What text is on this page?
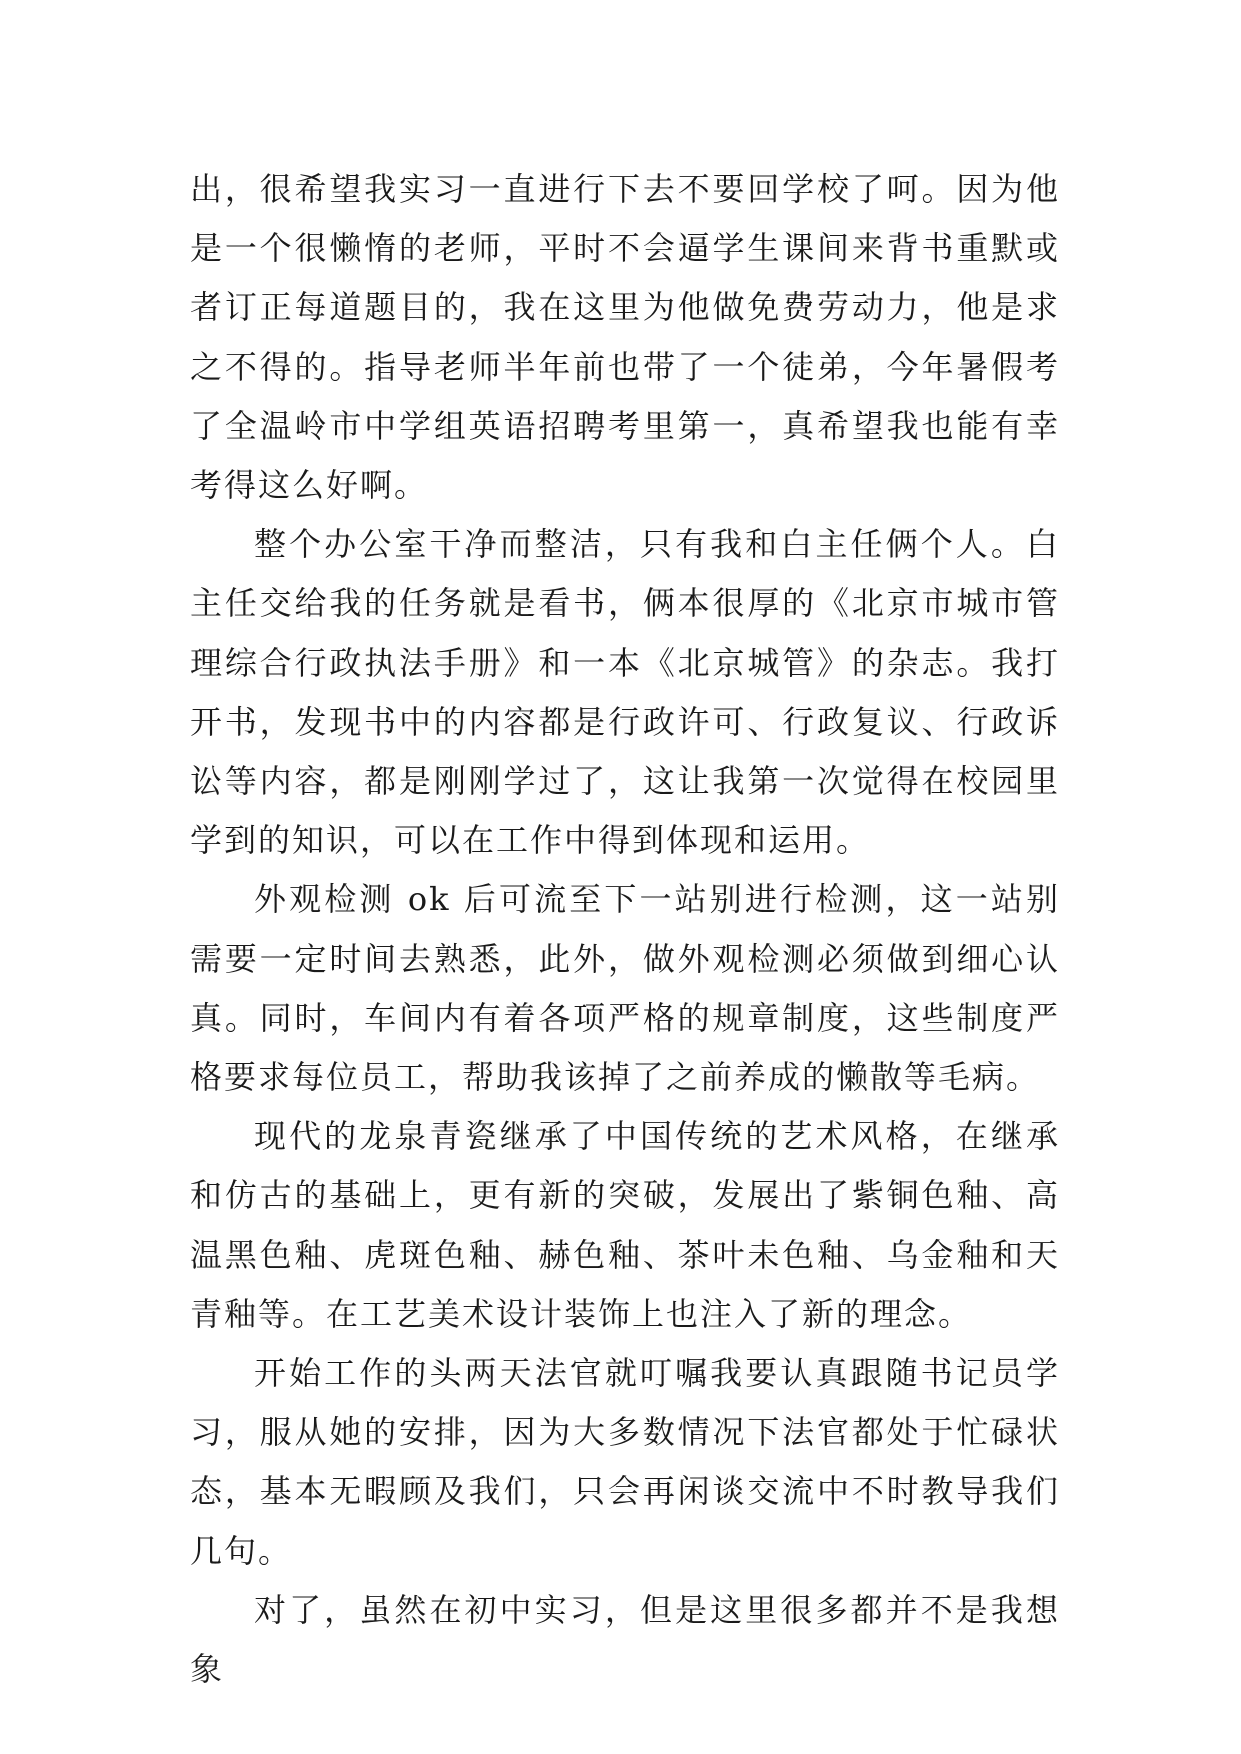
出，很希望我实习一直进行下去不要回学校了呵。因为他是一个很懒惰的老师，平时不会逼学生课间来背书重默或者订正每道题目的，我在这里为他做免费劳动力，他是求之不得的。指导老师半年前也带了一个徒弟，今年暑假考了全温岭市中学组英语招聘考里第一，真希望我也能有幸考得这么好啊。

整个办公室干净而整洁，只有我和白主任俩个人。白主任交给我的任务就是看书，俩本很厚的《北京市城市管理综合行政执法手册》和一本《北京城管》的杂志。我打开书，发现书中的内容都是行政许可、行政复议、行政诉讼等内容，都是刚刚学过了，这让我第一次觉得在校园里学到的知识，可以在工作中得到体现和运用。

外观检测 ok 后可流至下一站别进行检测，这一站别需要一定时间去熟悉，此外，做外观检测必须做到细心认真。同时，车间内有着各项严格的规章制度，这些制度严格要求每位员工，帮助我该掉了之前养成的懒散等毛病。

现代的龙泉青瓷继承了中国传统的艺术风格，在继承和仿古的基础上，更有新的突破，发展出了紫铜色釉、高温黑色釉、虎斑色釉、赫色釉、茶叶未色釉、乌金釉和天青釉等。在工艺美术设计装饰上也注入了新的理念。

开始工作的头两天法官就叮嘱我要认真跟随书记员学习，服从她的安排，因为大多数情况下法官都处于忙碌状态，基本无暇顾及我们，只会再闲谈交流中不时教导我们几句。

对了，虽然在初中实习，但是这里很多都并不是我想象
